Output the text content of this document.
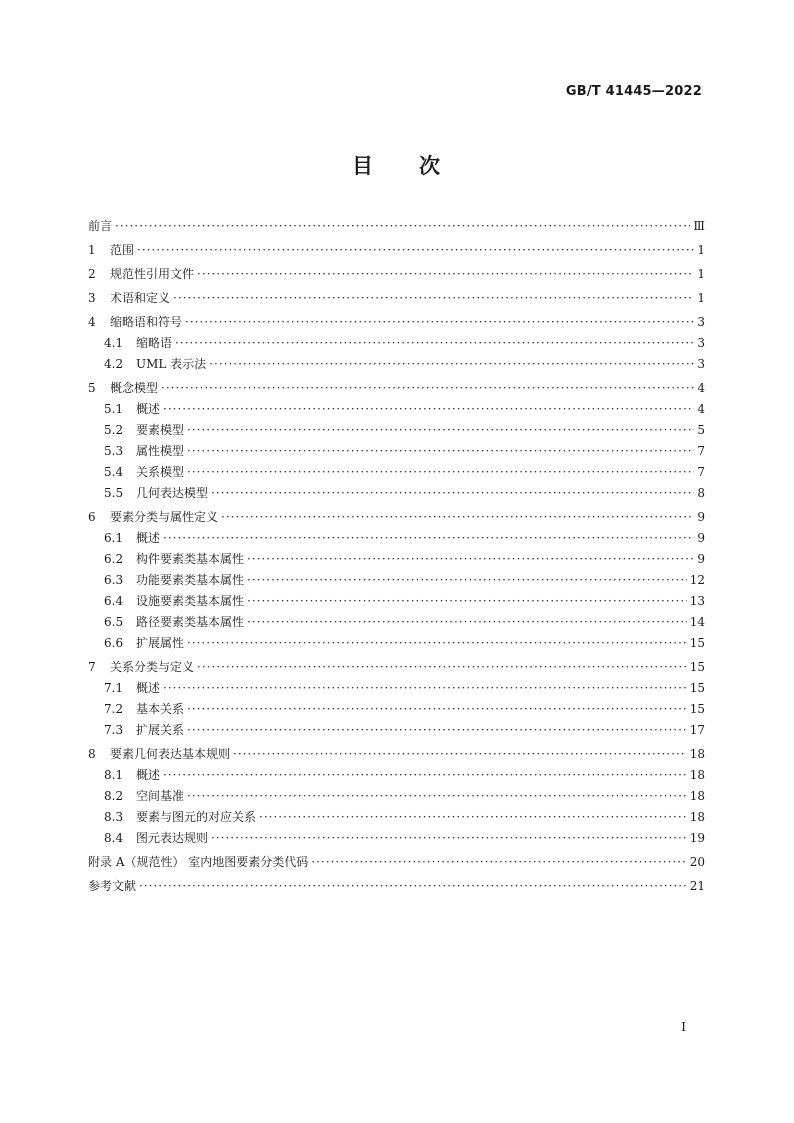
GB/T 41445—2022
目 次
前言 ·····	Ⅲ
1	范围 ·····	1
2	规范性引用文件 ·····	1
3	术语和定义 ·····	1
4	缩略语和符号 ·····	3
4.1	缩略语 ·····	3
4.2	UML 表示法 ·····	3
5	概念模型 ·····	4
5.1	概述 ·····	4
5.2	要素模型 ·····	5
5.3	属性模型 ·····	7
5.4	关系模型 ·····	7
5.5	几何表达模型 ·····	8
6	要素分类与属性定义 ·····	9
6.1	概述 ·····	9
6.2	构件要素类基本属性 ·····	9
6.3	功能要素类基本属性 ·····	12
6.4	设施要素类基本属性 ·····	13
6.5	路径要素类基本属性 ·····	14
6.6	扩展属性 ·····	15
7	关系分类与定义 ·····	15
7.1	概述 ·····	15
7.2	基本关系 ·····	15
7.3	扩展关系 ·····	17
8	要素几何表达基本规则 ·····	18
8.1	概述 ·····	18
8.2	空间基准 ·····	18
8.3	要素与图元的对应关系 ·····	18
8.4	图元表达规则 ·····	19
附录 A（规范性） 室内地图要素分类代码 ·····	20
参考文献 ·····	21
Ⅰ
